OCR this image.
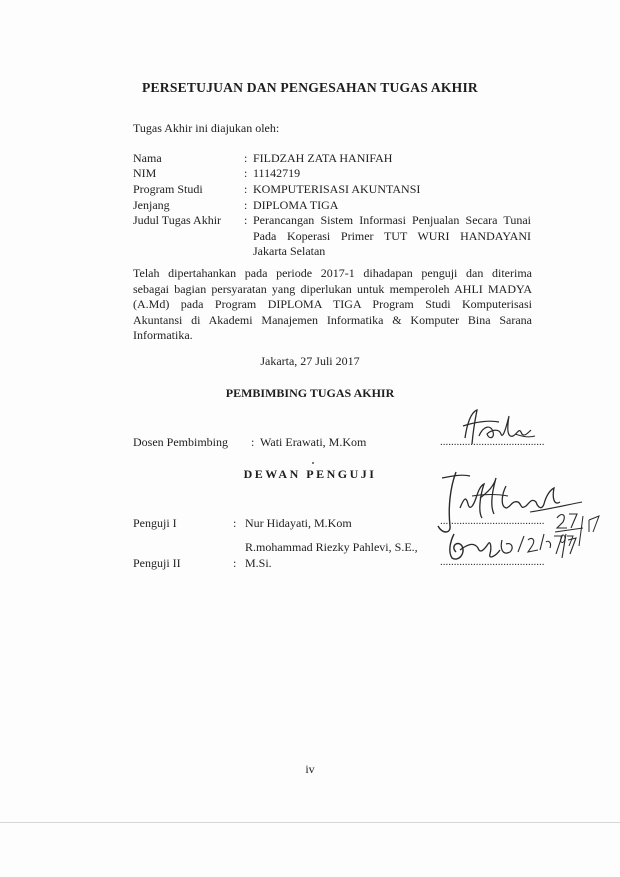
PERSETUJUAN DAN PENGESAHAN TUGAS AKHIR
Tugas Akhir ini diajukan oleh:
Nama	: FILDZAH ZATA HANIFAH
NIM	: 11142719
Program Studi	: KOMPUTERISASI AKUNTANSI
Jenjang	: DIPLOMA TIGA
Judul Tugas Akhir : Perancangan Sistem Informasi Penjualan Secara Tunai
Pada Koperasi Primer TUT WURI HANDAYANI
Jakarta Selatan
Telah dipertahankan pada periode 2017-1 dihadapan penguji dan diterima
sebagai bagian persyaratan yang diperlukan untuk memperoleh AHLI MADYA
(A.Md) pada Program DIPLOMA TIGA Program Studi Komputerisasi
Akuntansi di Akademi Manajemen Informatika & Komputer Bina Sarana
Informatika.
Jakarta, 27 Juli 2017
PEMBIMBING TUGAS AKHIR
Dosen Pembimbing : Wati Erawati, M.Kom	......................................
DEWAN PENGUJI
Penguji I	: Nur Hidayati, M.Kom	......................................
R.mohammad Riezky Pahlevi, S.E.,
Penguji II	: M.Si.	......................................
iv
